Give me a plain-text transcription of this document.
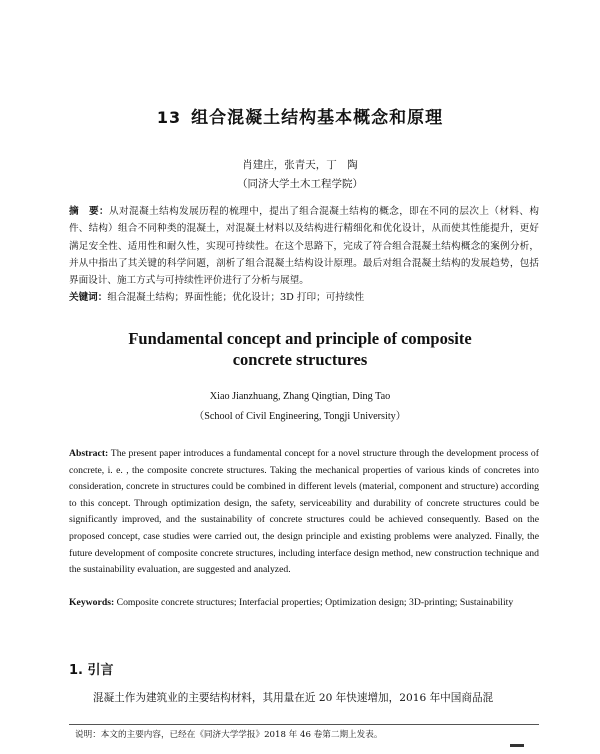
13 组合混凝土结构基本概念和原理
肖建庄，张青天，丁　陶
（同济大学土木工程学院）
摘　要：从对混凝土结构发展历程的梳理中，提出了组合混凝土结构的概念，即在不同的层次上（材料、构件、结构）组合不同种类的混凝土，对混凝土材料以及结构进行精细化和优化设计，从而使其性能提升，更好满足安全性、适用性和耐久性，实现可持续性。在这个思路下，完成了符合组合混凝土结构概念的案例分析，并从中指出了其关键的科学问题，剖析了组合混凝土结构设计原理。最后对组合混凝土结构的发展趋势，包括界面设计、施工方式与可持续性评价进行了分析与展望。
关键词：组合混凝土结构；界面性能；优化设计；3D 打印；可持续性
Fundamental concept and principle of composite
concrete structures
Xiao Jianzhuang, Zhang Qingtian, Ding Tao
（School of Civil Engineering, Tongji University）
Abstract: The present paper introduces a fundamental concept for a novel structure through the development process of concrete, i. e. , the composite concrete structures. Taking the mechanical properties of various kinds of concretes into consideration, concrete in structures could be combined in different levels (material, component and structure) according to this concept. Through optimization design, the safety, serviceability and durability of concrete structures could be significantly improved, and the sustainability of concrete structures could be achieved consequently. Based on the proposed concept, case studies were carried out, the design principle and existing problems were analyzed. Finally, the future development of composite concrete structures, including interface design method, new construction technique and the sustainability evaluation, are suggested and analyzed.
Keywords: Composite concrete structures; Interfacial properties; Optimization design; 3D-printing; Sustainability
1. 引言
混凝土作为建筑业的主要结构材料，其用量在近 20 年快速增加，2016 年中国商品混
说明：本文的主要内容，已经在《同济大学学报》2018 年 46 卷第二期上发表。
